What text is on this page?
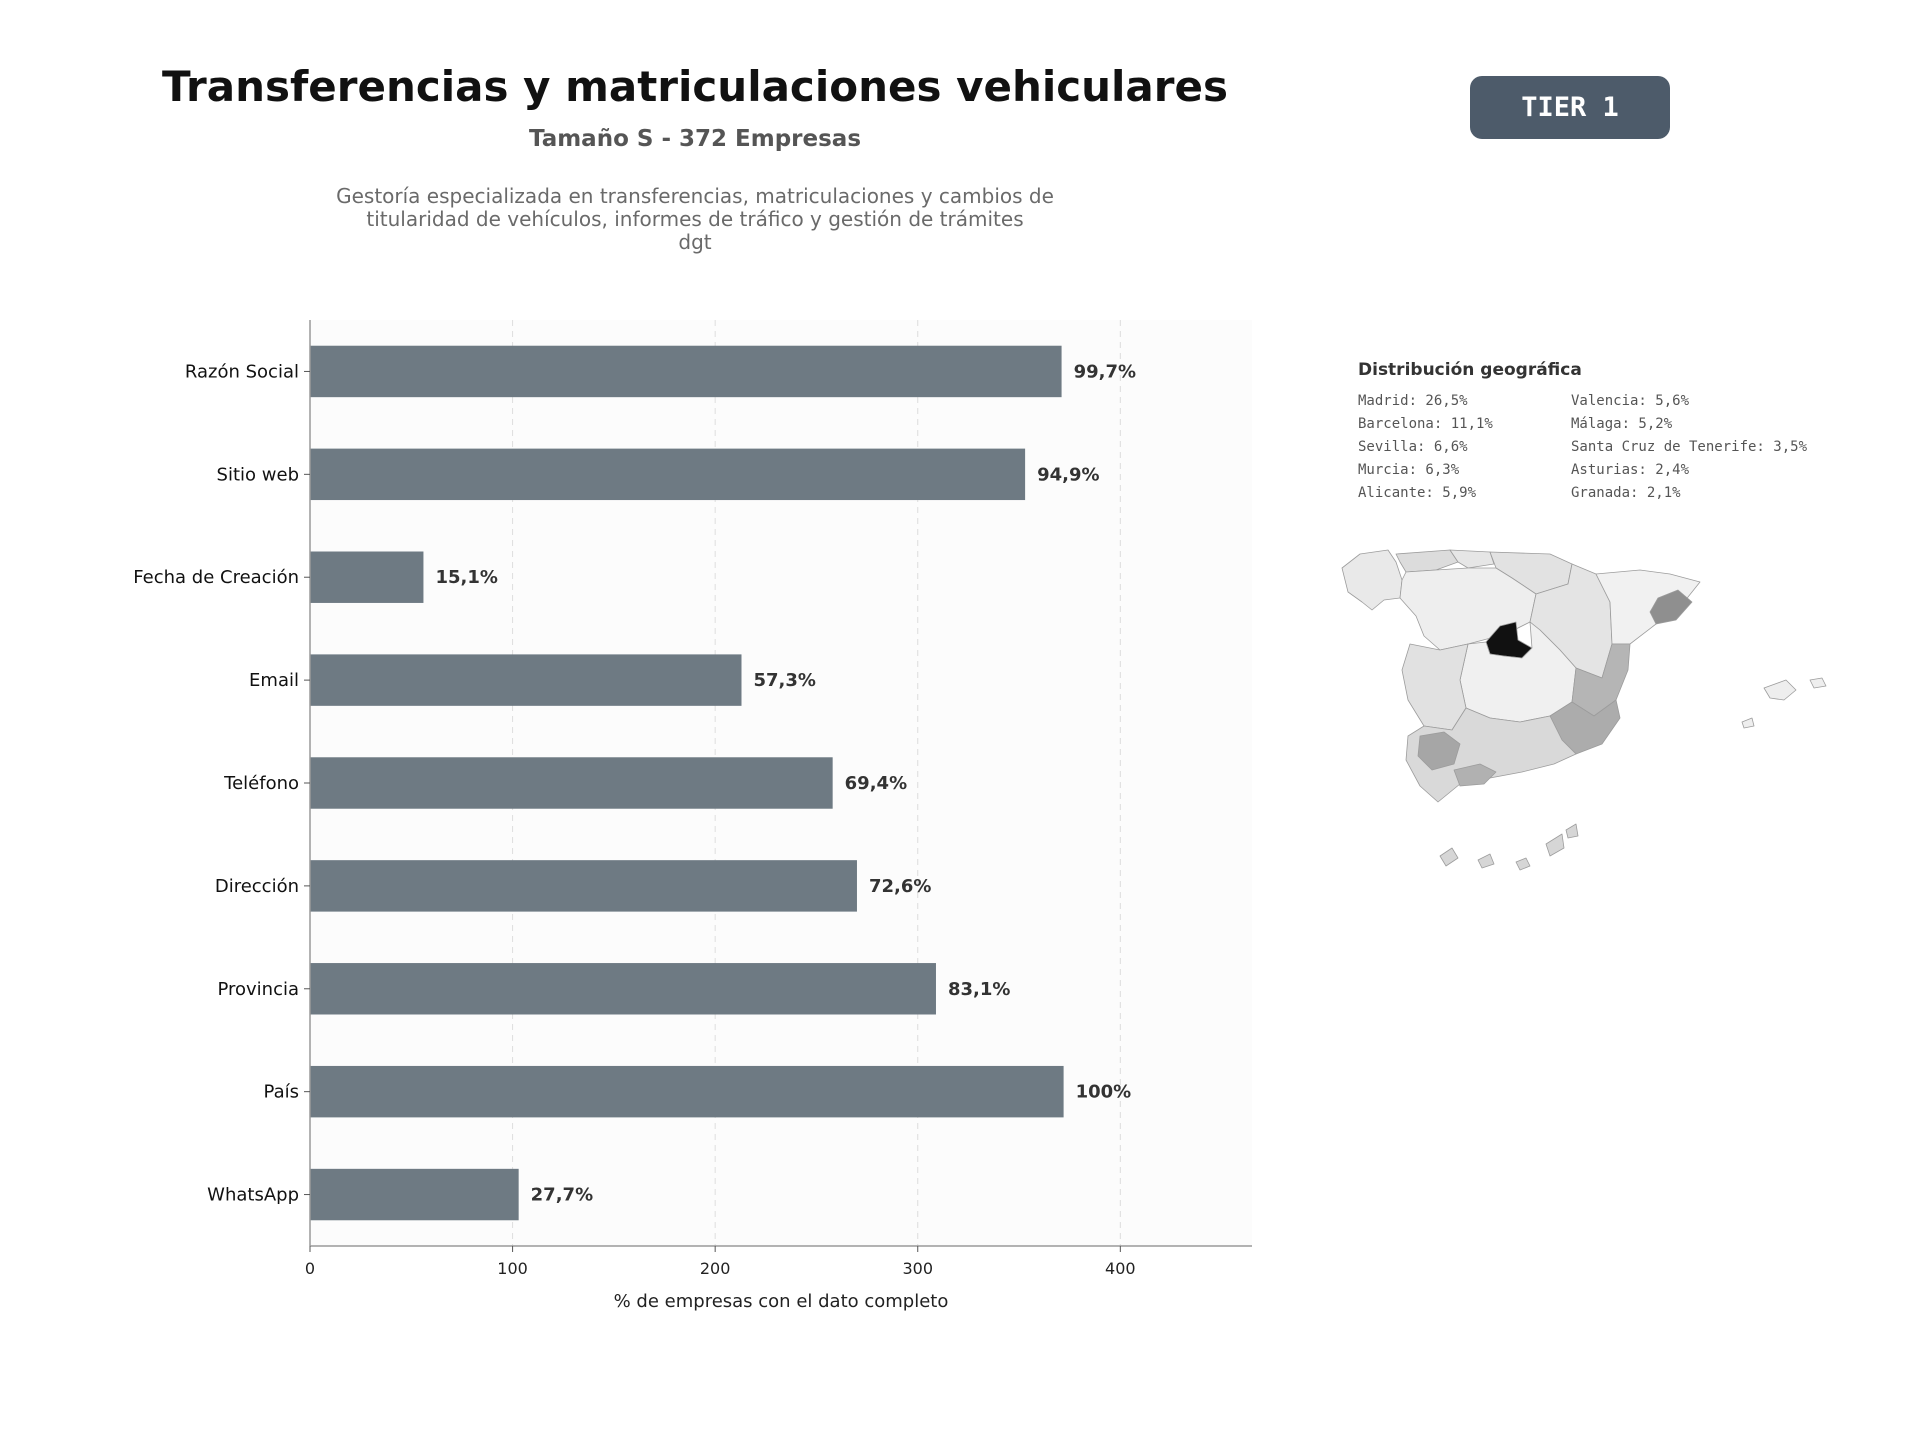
Transferencias y matriculaciones vehiculares
Tamaño S - 372 Empresas
Gestoría especializada en transferencias, matriculaciones y cambios de
titularidad de vehículos, informes de tráfico y gestión de trámites
dgt
TIER 1
99,7%
94,9%
15,1%
57,3%
69,4%
72,6%
83,1%
100%
27,7%
0	100	200	300	400
Razón Social
Sitio web
Fecha de Creación
Email
Teléfono
Dirección
Provincia
País
WhatsApp
% de empresas con el dato completo
Distribución geográfica
Madrid: 26,5%	Valencia: 5,6%
Barcelona: 11,1%	Málaga: 5,2%
Sevilla: 6,6%	Santa Cruz de Tenerife: 3,5%
Murcia: 6,3%	Asturias: 2,4%
Alicante: 5,9%	Granada: 2,1%
